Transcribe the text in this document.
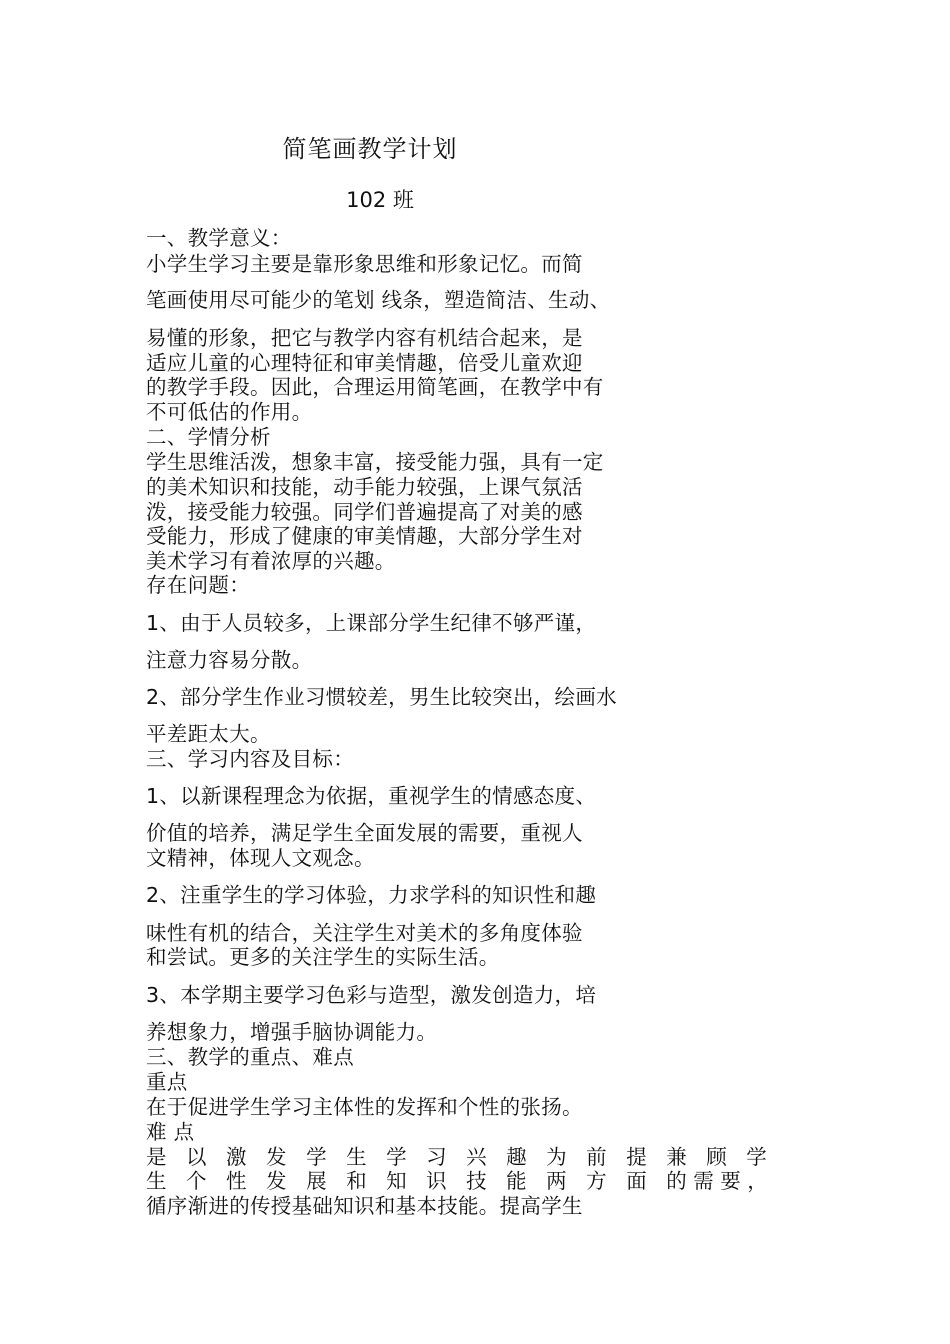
简笔画教学计划
102 班
一、教学意义：
小学生学习主要是靠形象思维和形象记忆。而简
笔画使用尽可能少的笔划 线条，塑造简洁、生动、
易懂的形象，把它与教学内容有机结合起来，是
适应儿童的心理特征和审美情趣，倍受儿童欢迎
的教学手段。因此，合理运用简笔画，在教学中有
不可低估的作用。
二、学情分析
学生思维活泼，想象丰富，接受能力强，具有一定
的美术知识和技能，动手能力较强，上课气氛活
泼，接受能力较强。同学们普遍提高了对美的感
受能力，形成了健康的审美情趣，大部分学生对
美术学习有着浓厚的兴趣。
存在问题：
1、由于人员较多，上课部分学生纪律不够严谨，
注意力容易分散。
2、部分学生作业习惯较差，男生比较突出，绘画水
平差距太大。
三、学习内容及目标：
1、以新课程理念为依据，重视学生的情感态度、
价值的培养，满足学生全面发展的需要，重视人
文精神，体现人文观念。
2、注重学生的学习体验，力求学科的知识性和趣
味性有机的结合，关注学生对美术的多角度体验
和尝试。更多的关注学生的实际生活。
3、本学期主要学习色彩与造型，激发创造力，培
养想象力，增强手脑协调能力。
三、教学的重点、难点
重点
在于促进学生学习主体性的发挥和个性的张扬。
难 点
是 以 激 发 学 生 学 习 兴 趣 为 前 提 兼 顾 学
生 个 性 发 展 和 知 识 技 能 两 方 面 的需要，
循序渐进的传授基础知识和基本技能。提高学生
